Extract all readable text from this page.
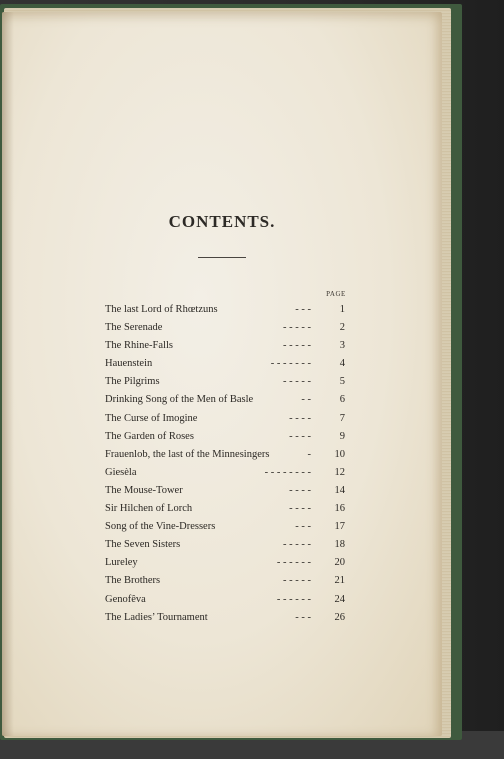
CONTENTS.
PAGE
The last Lord of Rhœtzuns	- - -	1
The Serenade	- - - - -	2
The Rhine-Falls	- - - - -	3
Hauenstein	- - - - - - -	4
The Pilgrims	- - - - -	5
Drinking Song of the Men of Basle	- -	6
The Curse of Imogine	- - - -	7
The Garden of Roses	- - - -	9
Frauenlob, the last of the Minnesingers	-	10
Giesèla	- - - - - - - -	12
The Mouse-Tower	- - - -	14
Sir Hilchen of Lorch	- - - -	16
Song of the Vine-Dressers	- - -	17
The Seven Sisters	- - - - -	18
Lureley	- - - - - -	20
The Brothers	- - - - -	21
Genofêva	- - - - - -	24
The Ladies’ Tournament	- - -	26
